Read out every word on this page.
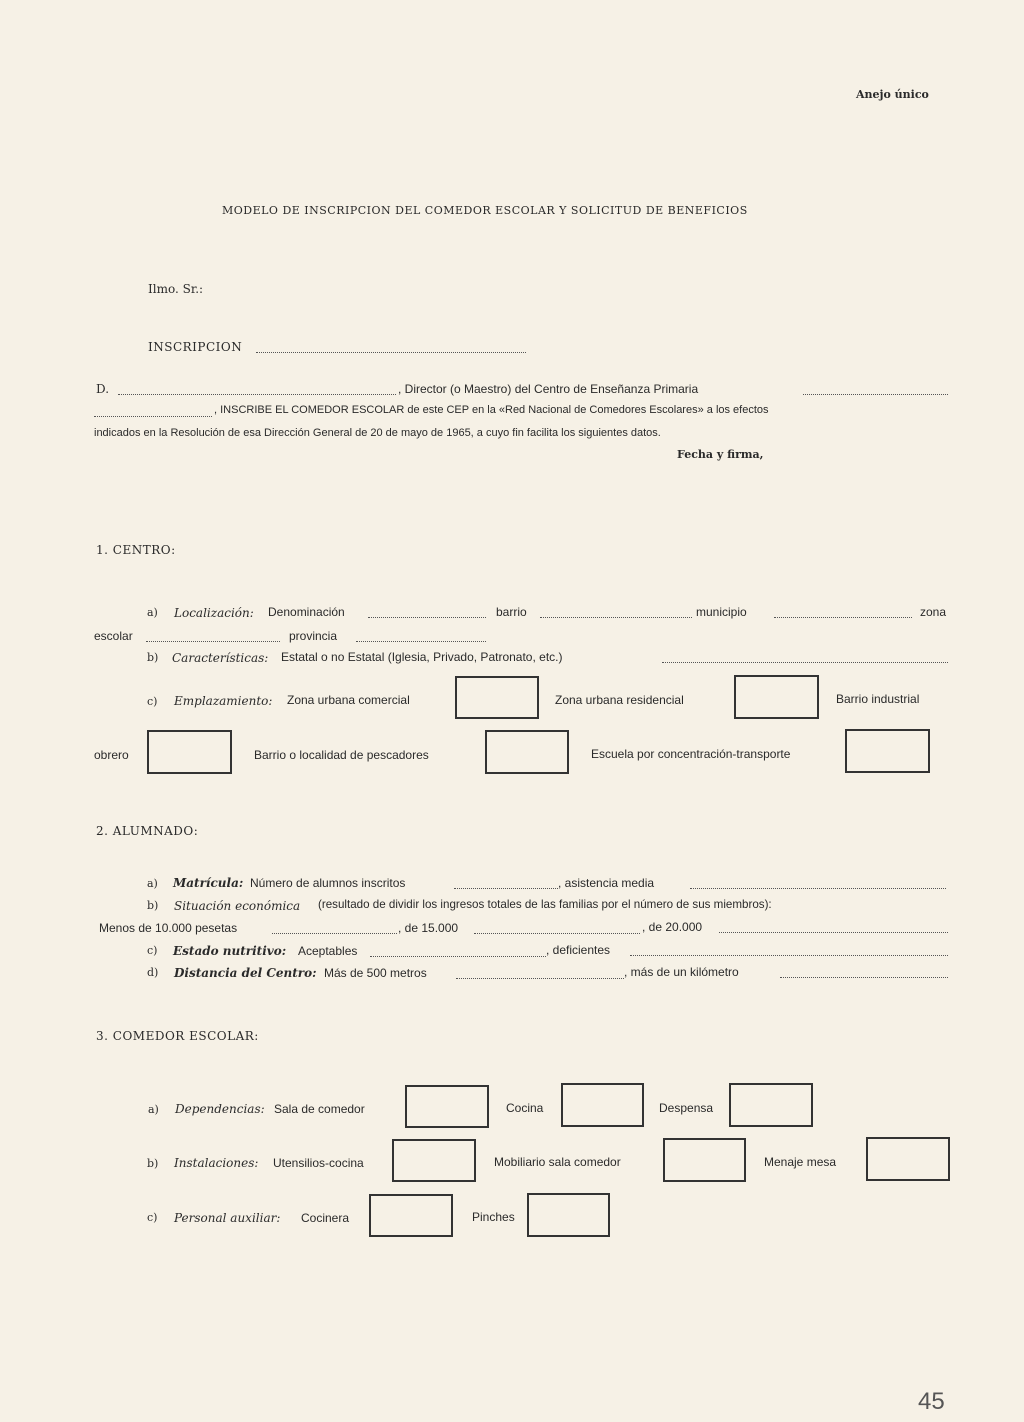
Anejo único
MODELO DE INSCRIPCION DEL COMEDOR ESCOLAR Y SOLICITUD DE BENEFICIOS
Ilmo. Sr.:
INSCRIPCION
D.	, Director (o Maestro) del Centro de Enseñanza Primaria
, INSCRIBE EL COMEDOR ESCOLAR de este CEP en la «Red Nacional de Comedores Escolares» a los efectos
indicados en la Resolución de esa Dirección General de 20 de mayo de 1965, a cuyo fin facilita los siguientes datos.
Fecha y firma,
1. CENTRO:
a) Localización: Denominación	barrio	municipio	zona
escolar	provincia
b) Características: Estatal o no Estatal (Iglesia, Privado, Patronato, etc.)
c) Emplazamiento: Zona urbana comercial	Zona urbana residencial	Barrio industrial
obrero	Barrio o localidad de pescadores	Escuela por concentración-transporte
2. ALUMNADO:
a) Matrícula: Número de alumnos inscritos	, asistencia media
b) Situación económica (resultado de dividir los ingresos totales de las familias por el número de sus miembros):
Menos de 10.000 pesetas	, de 15.000	, de 20.000
c) Estado nutritivo: Aceptables	, deficientes
d) Distancia del Centro: Más de 500 metros	, más de un kilómetro
3. COMEDOR ESCOLAR:
a) Dependencias: Sala de comedor	Cocina	Despensa
b) Instalaciones: Utensilios-cocina	Mobiliario sala comedor	Menaje mesa
c) Personal auxiliar: Cocinera	Pinches
45
